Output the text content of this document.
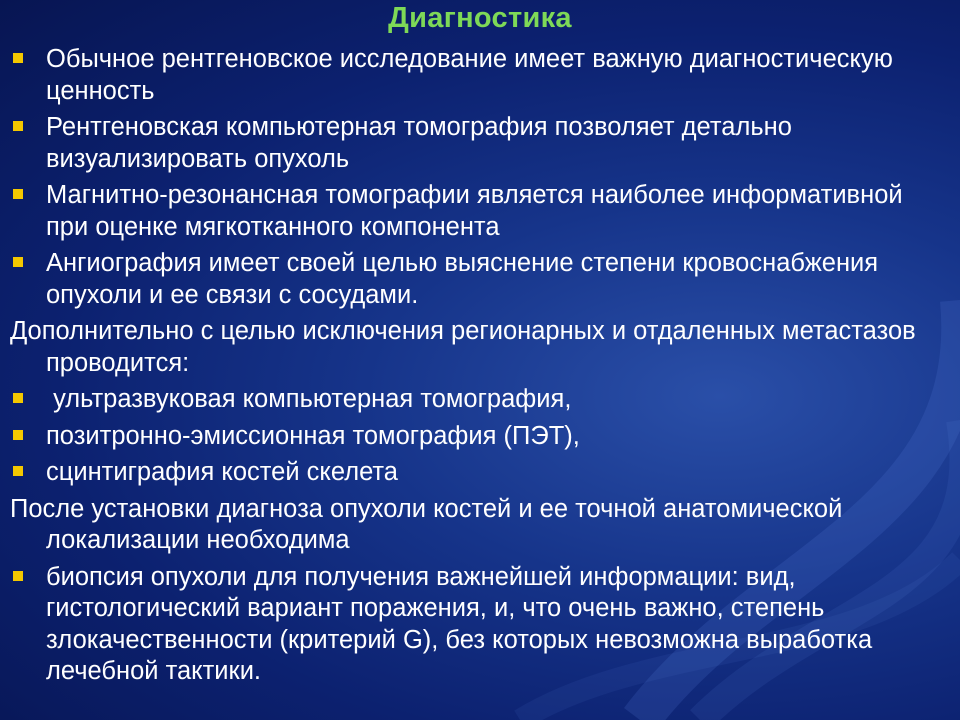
Диагностика
Обычное рентгеновское исследование имеет важную диагностическую ценность
Рентгеновская компьютерная томография позволяет детально визуализировать опухоль
Магнитно-резонансная томографии является наиболее информативной при оценке мягкотканного компонента
Ангиография имеет своей целью выяснение степени кровоснабжения опухоли и ее связи с сосудами.
Дополнительно с целью исключения регионарных и отдаленных метастазов проводится:
ультразвуковая компьютерная томография,
позитронно-эмиссионная томография (ПЭТ),
сцинтиграфия костей скелета
После установки диагноза опухоли костей и ее точной анатомической локализации необходима
биопсия опухоли для получения важнейшей информации: вид, гистологический вариант поражения, и, что очень важно, степень злокачественности (критерий G), без которых невозможна выработка лечебной тактики.
